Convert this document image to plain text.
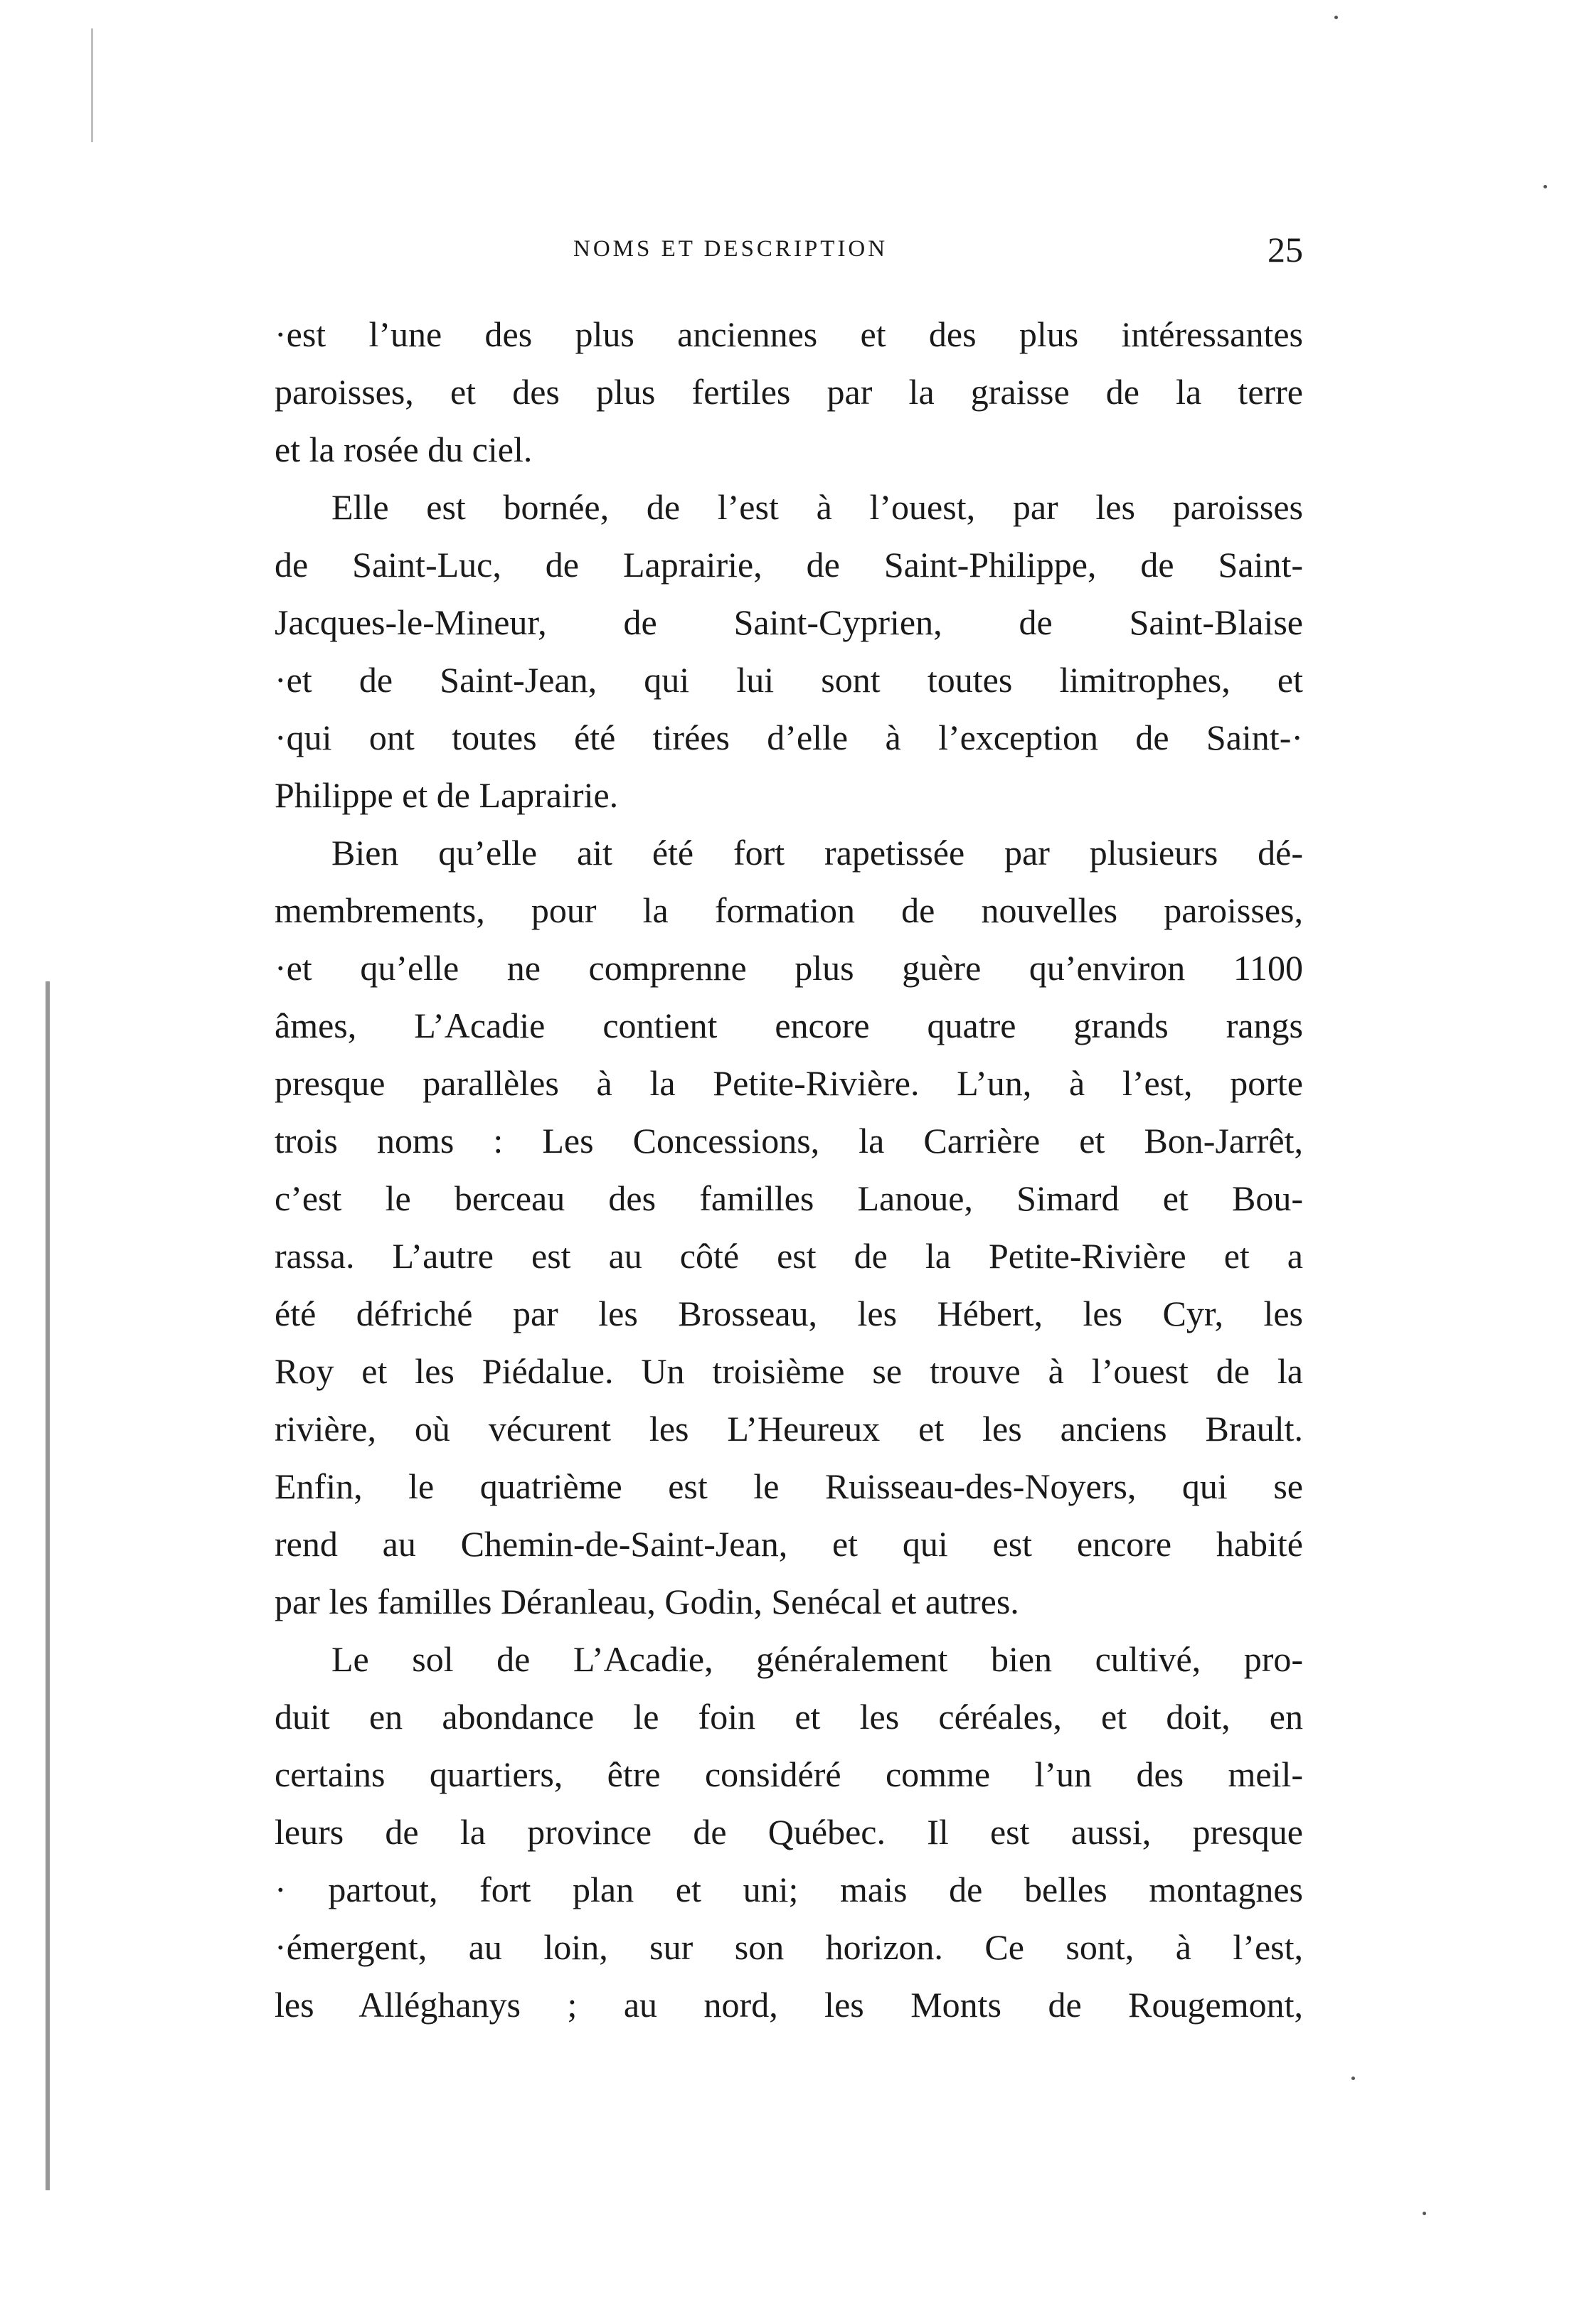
NOMS ET DESCRIPTION	25
·est l’une des plus anciennes et des plus intéressantes
paroisses, et des plus fertiles par la graisse de la terre
et la rosée du ciel.
Elle est bornée, de l’est à l’ouest, par les paroisses
de Saint-Luc, de Laprairie, de Saint-Philippe, de Saint-
Jacques-le-Mineur, de Saint-Cyprien, de Saint-Blaise
·et de Saint-Jean, qui lui sont toutes limitrophes, et
·qui ont toutes été tirées d’elle à l’exception de Saint-·
Philippe et de Laprairie.
Bien qu’elle ait été fort rapetissée par plusieurs dé-
membrements, pour la formation de nouvelles paroisses,
·et qu’elle ne comprenne plus guère qu’environ 1100
âmes, L’Acadie contient encore quatre grands rangs
presque parallèles à la Petite-Rivière. L’un, à l’est, porte
trois noms : Les Concessions, la Carrière et Bon-Jarrêt,
c’est le berceau des familles Lanoue, Simard et Bou-
rassa. L’autre est au côté est de la Petite-Rivière et a
été défriché par les Brosseau, les Hébert, les Cyr, les
Roy et les Piédalue. Un troisième se trouve à l’ouest de la
rivière, où vécurent les L’Heureux et les anciens Brault.
Enfin, le quatrième est le Ruisseau-des-Noyers, qui se
rend au Chemin-de-Saint-Jean, et qui est encore habité
par les familles Déranleau, Godin, Senécal et autres.
Le sol de L’Acadie, généralement bien cultivé, pro-
duit en abondance le foin et les céréales, et doit, en
certains quartiers, être considéré comme l’un des meil-
leurs de la province de Québec. Il est aussi, presque
· partout, fort plan et uni; mais de belles montagnes
·émergent, au loin, sur son horizon. Ce sont, à l’est,
les Alléghanys ; au nord, les Monts de Rougemont,
